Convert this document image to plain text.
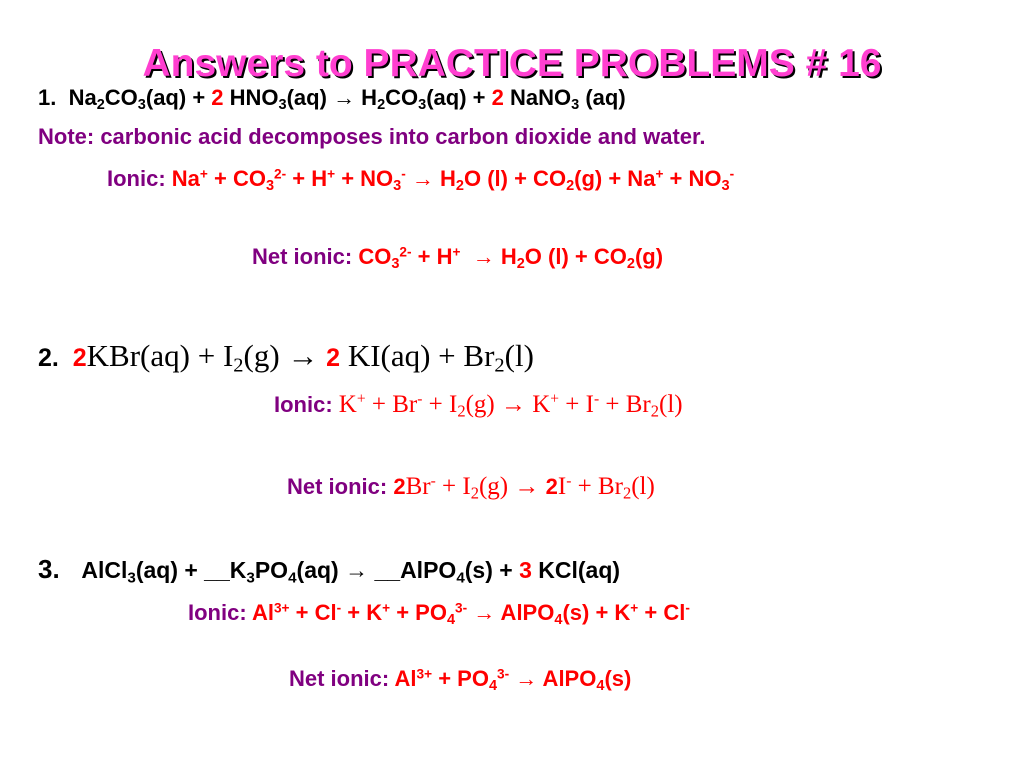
Answers to PRACTICE PROBLEMS # 16
1. $Na_2CO_3(aq) + 2$ $HNO_3(aq) \to H_2CO_3(aq) + 2$ NaNO$_3$ (aq)
Note: carbonic acid decomposes into carbon dioxide and water.
Ionic: $Na^+ + CO_3^{2-} + H^+ + NO_3^- \to H_2O$ $(l) + CO_2(g) + Na^+ + NO_3^-$
Net ionic: $CO_3^{2-} + H^+ \to H_2O$ $(l) + CO_2(g)$
2. $2KBr(aq) + I_2(g) \to 2$ $KI(aq) + Br_2(l)$
Ionic: $K^+ + Br^- + I_2(g) \to K^+ + I^- + Br_2(l)$
Net ionic: $2Br^- + I_2(g) \to 2I^- + Br_2(l)$
3. AlCl$_3$(aq) + $\_\_K_3PO_4(aq)$ → __AlPO$_4$(s) + 3 KCl(aq)
Ionic: $Al^{3+} + Cl^- + K^+ + PO_4^{3-}$ → AlPO$_4$(s) + K+ + Cl-
Net ionic: $Al^{3+} + PO_4^{3-}$ → AlPO$_4$(s)
